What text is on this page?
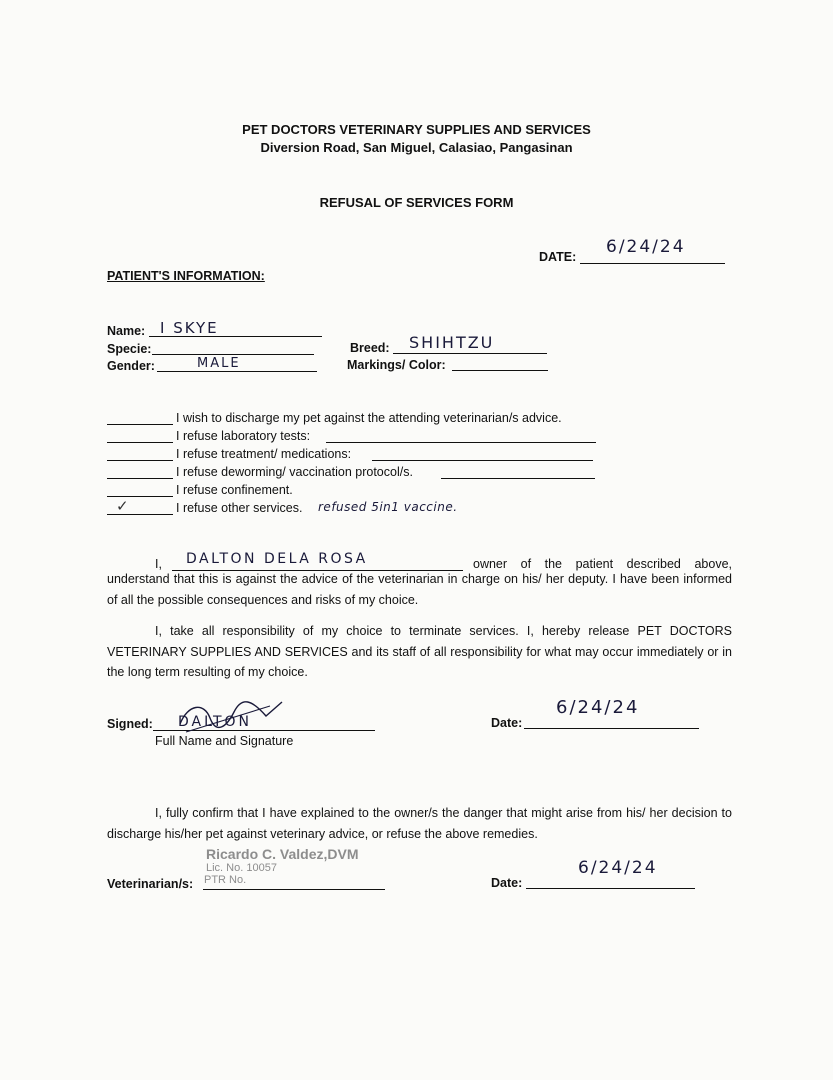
PET DOCTORS VETERINARY SUPPLIES AND SERVICES
Diversion Road, San Miguel, Calasiao, Pangasinan
REFUSAL OF SERVICES FORM
DATE: 6/24/24
PATIENT'S INFORMATION:
Name: I SKYE
Specie:
Gender:	MALE
Breed: SHIHTZU
Markings/ Color:
I wish to discharge my pet against the attending veterinarian/s advice.
I refuse laboratory tests:
I refuse treatment/ medications:
I refuse deworming/ vaccination protocol/s.
I refuse confinement.
✓	I refuse other services. refused 5in1 vaccine.
I, DALTON DELA ROSA	owner of the patient described above,
understand that this is against the advice of the veterinarian in charge on his/ her deputy. I have been informed of all the possible consequences and risks of my choice.
I, take all responsibility of my choice to terminate services. I, hereby release PET DOCTORS VETERINARY SUPPLIES AND SERVICES and its staff of all responsibility for what may occur immediately or in the long term resulting of my choice.
Signed: DALTON
Full Name and Signature
Date:
6/24/24
I, fully confirm that I have explained to the owner/s the danger that might arise from his/ her decision to discharge his/her pet against veterinary advice, or refuse the above remedies.
Veterinarian/s:
Ricardo C. Valdez,DVM
Lic. No. 10057
PTR No.	Date:
6/24/24
